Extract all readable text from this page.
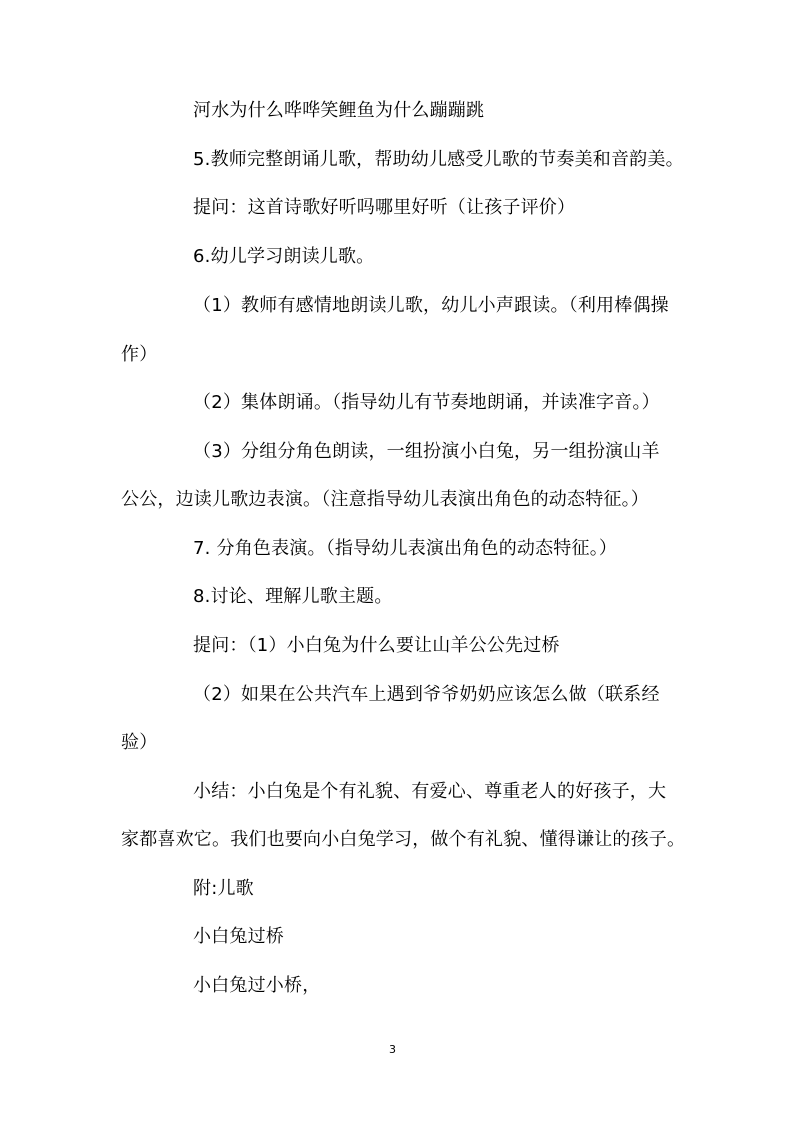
河水为什么哗哗笑鲤鱼为什么蹦蹦跳
5.教师完整朗诵儿歌，帮助幼儿感受儿歌的节奏美和音韵美。
提问：这首诗歌好听吗哪里好听（让孩子评价）
6.幼儿学习朗读儿歌。
（1）教师有感情地朗读儿歌，幼儿小声跟读。（利用棒偶操
作）
（2）集体朗诵。（指导幼儿有节奏地朗诵，并读准字音。）
（3）分组分角色朗读，一组扮演小白兔，另一组扮演山羊
公公，边读儿歌边表演。（注意指导幼儿表演出角色的动态特征。）
7. 分角色表演。（指导幼儿表演出角色的动态特征。）
8.讨论、理解儿歌主题。
提问：（1）小白兔为什么要让山羊公公先过桥
（2）如果在公共汽车上遇到爷爷奶奶应该怎么做（联系经
验）
小结：小白兔是个有礼貌、有爱心、尊重老人的好孩子，大
家都喜欢它。我们也要向小白兔学习，做个有礼貌、懂得谦让的孩子。
附:儿歌
小白兔过桥
小白兔过小桥，
3
